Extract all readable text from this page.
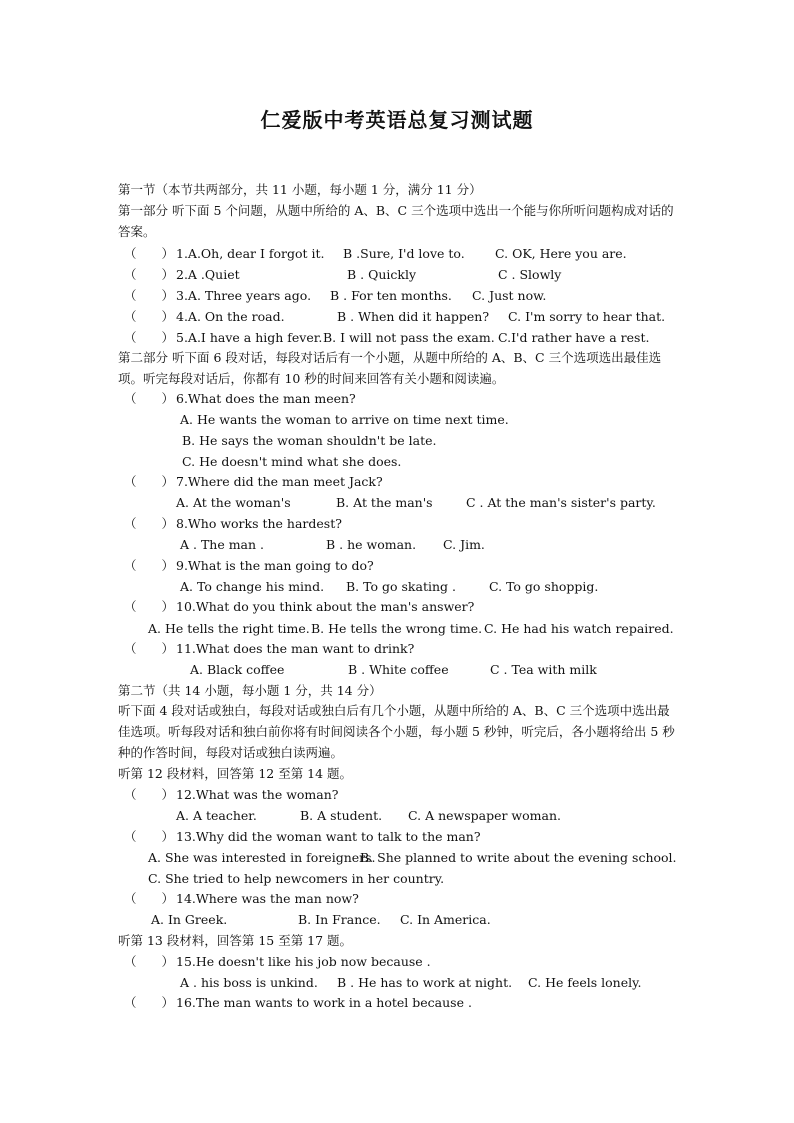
仁爱版中考英语总复习测试题
第一节（本节共两部分，共 11 小题，每小题 1 分，满分 11 分）
第一部分 听下面 5 个问题，从题中所给的 A、B、C 三个选项中选出一个能与你所听问题构成对话的答案。
（　　） 1.A.Oh, dear I forgot it. B .Sure, I'd love to. C. OK, Here you are.
（　　） 2.A .Quiet	B . Quickly	C . Slowly
（　　） 3.A. Three years ago. B . For ten months. C. Just now.
（　　） 4.A. On the road.	B . When did it happen? C. I'm sorry to hear that.
（　　） 5.A.I have a high fever. B. I will not pass the exam. C.I'd rather have a rest.
第二部分 听下面 6 段对话，每段对话后有一个小题，从题中所给的 A、B、C 三个选项选出最佳选项。听完每段对话后，你都有 10 秒的时间来回答有关小题和阅读遍。
（　　） 6.What does the man meen?
A. He wants the woman to arrive on time next time.
B. He says the woman shouldn't be late.
C. He doesn't mind what she does.
（　　） 7.Where did the man meet Jack?
A. At the woman's	B. At the man's	C . At the man's sister's party.
（　　） 8.Who works the hardest?
A . The man .	B . he woman. C. Jim.
（　　） 9.What is the man going to do?
A. To change his mind. B. To go skating .	C. To go shoppig.
（　　） 10.What do you think about the man's answer?
A. He tells the right time. B. He tells the wrong time. C. He had his watch repaired.
（　　） 11.What does the man want to drink?
A. Black coffee	B . White coffee	C . Tea with milk
第二节（共 14 小题，每小题 1 分，共 14 分）
听下面 4 段对话或独白，每段对话或独白后有几个小题，从题中所给的 A、B、C 三个选项中选出最佳选项。听每段对话和独白前你将有时间阅读各个小题，每小题 5 秒钟，听完后，各小题将给出 5 秒种的作答时间，每段对话或独白读两遍。
听第 12 段材料，回答第 12 至第 14 题。
（　　） 12.What was the woman?
A. A teacher.	B. A student. C. A newspaper woman.
（　　） 13.Why did the woman want to talk to the man?
A. She was interested in foreigners.
B. She planned to write about the evening school.
C. She tried to help newcomers in her country.
（　　） 14.Where was the man now?
A. In Greek.	B. In France. C. In America.
听第 13 段材料，回答第 15 至第 17 题。
（　　） 15.He doesn't like his job now because .
A . his boss is unkind. B . He has to work at night. C. He feels lonely.
（　　） 16.The man wants to work in a hotel because .
